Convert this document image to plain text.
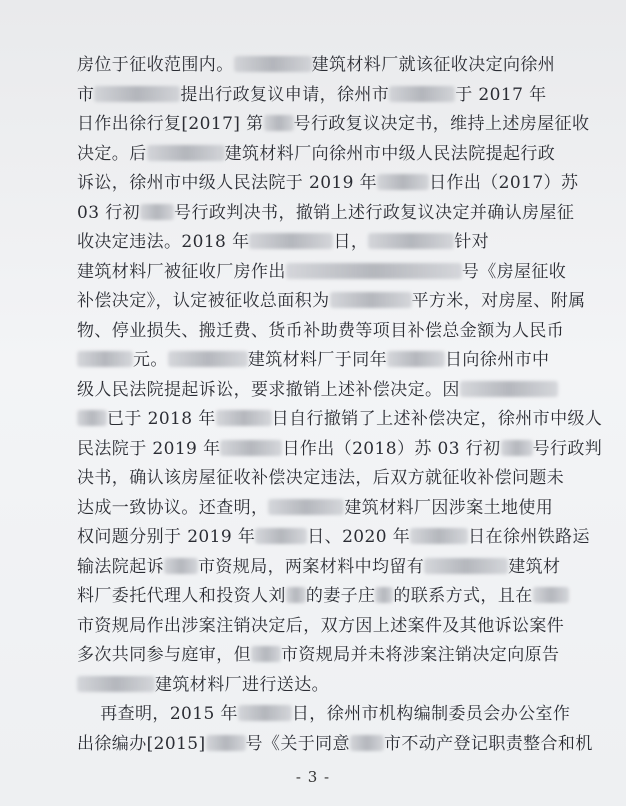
房位于征收范围内。	建筑材料厂就该征收决定向徐州
市	提出行政复议申请，徐州市	于 2017 年
日作出徐行复[2017] 第 号行政复议决定书，维持上述房屋征收
决定。后	建筑材料厂向徐州市中级人民法院提起行政
诉讼，徐州市中级人民法院于 2019 年	日作出（2017）苏
03 行初 号行政判决书，撤销上述行政复议决定并确认房屋征
收决定违法。2018 年	日，	针对
建筑材料厂被征收厂房作出	号《房屋征收
补偿决定》，认定被征收总面积为	平方米，对房屋、附属
物、停业损失、搬迁费、货币补助费等项目补偿总金额为人民币
元。	建筑材料厂于同年	日向徐州市中
级人民法院提起诉讼，要求撤销上述补偿决定。因
已于 2018 年	日自行撤销了上述补偿决定，徐州市中级人
民法院于 2019 年	日作出（2018）苏 03 行初 号行政判
决书，确认该房屋征收补偿决定违法，后双方就征收补偿问题未
达成一致协议。还查明，	建筑材料厂因涉案土地使用
权问题分别于 2019 年	日、2020 年	日在徐州铁路运
输法院起诉 市资规局，两案材料中均留有	建筑材
料厂委托代理人和投资人刘 的妻子庄 的联系方式，且在
市资规局作出涉案注销决定后，双方因上述案件及其他诉讼案件
多次共同参与庭审，但 市资规局并未将涉案注销决定向原告
建筑材料厂进行送达。
再查明，2015 年	日，徐州市机构编制委员会办公室作
出徐编办[2015] 号《关于同意 市不动产登记职责整合和机
- 3 -
